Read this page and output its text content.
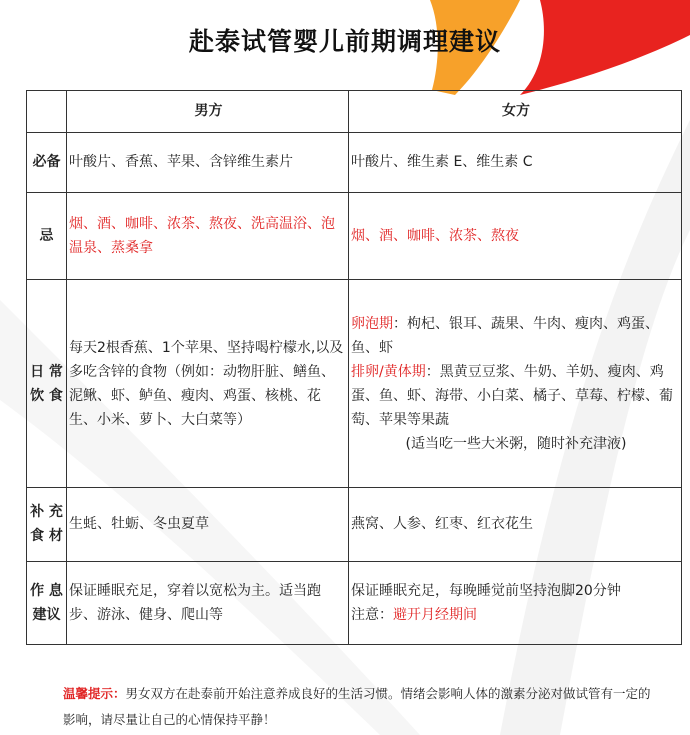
赴泰试管婴儿前期调理建议
	男方	女方
必备	叶酸片、香蕉、苹果、含锌维生素片	叶酸片、维生素 E、维生素 C
忌	烟、酒、咖啡、浓茶、熬夜、洗高温浴、泡温泉、蒸桑拿	烟、酒、咖啡、浓茶、熬夜
日 常
饮 食	每天2根香蕉、1个苹果、坚持喝柠檬水,以及多吃含锌的食物（例如：动物肝脏、鳝鱼、泥鳅、虾、鲈鱼、瘦肉、鸡蛋、核桃、花生、小米、萝卜、大白菜等）	卵泡期：枸杞、银耳、蔬果、牛肉、瘦肉、鸡蛋、鱼、虾
排卵/黄体期：黑黄豆豆浆、牛奶、羊奶、瘦肉、鸡蛋、鱼、虾、海带、小白菜、橘子、草莓、柠檬、葡萄、苹果等果蔬

(适当吃一些大米粥，随时补充津液)

补 充
食 材	生蚝、牡蛎、冬虫夏草	燕窝、人参、红枣、红衣花生
作 息
建议	保证睡眠充足，穿着以宽松为主。适当跑步、游泳、健身、爬山等	保证睡眠充足，每晚睡觉前坚持泡脚20分钟
注意：避开月经期间
温馨提示：男女双方在赴泰前开始注意养成良好的生活习惯。情绪会影响人体的激素分泌对做试管有一定的影响，请尽量让自己的心情保持平静！
